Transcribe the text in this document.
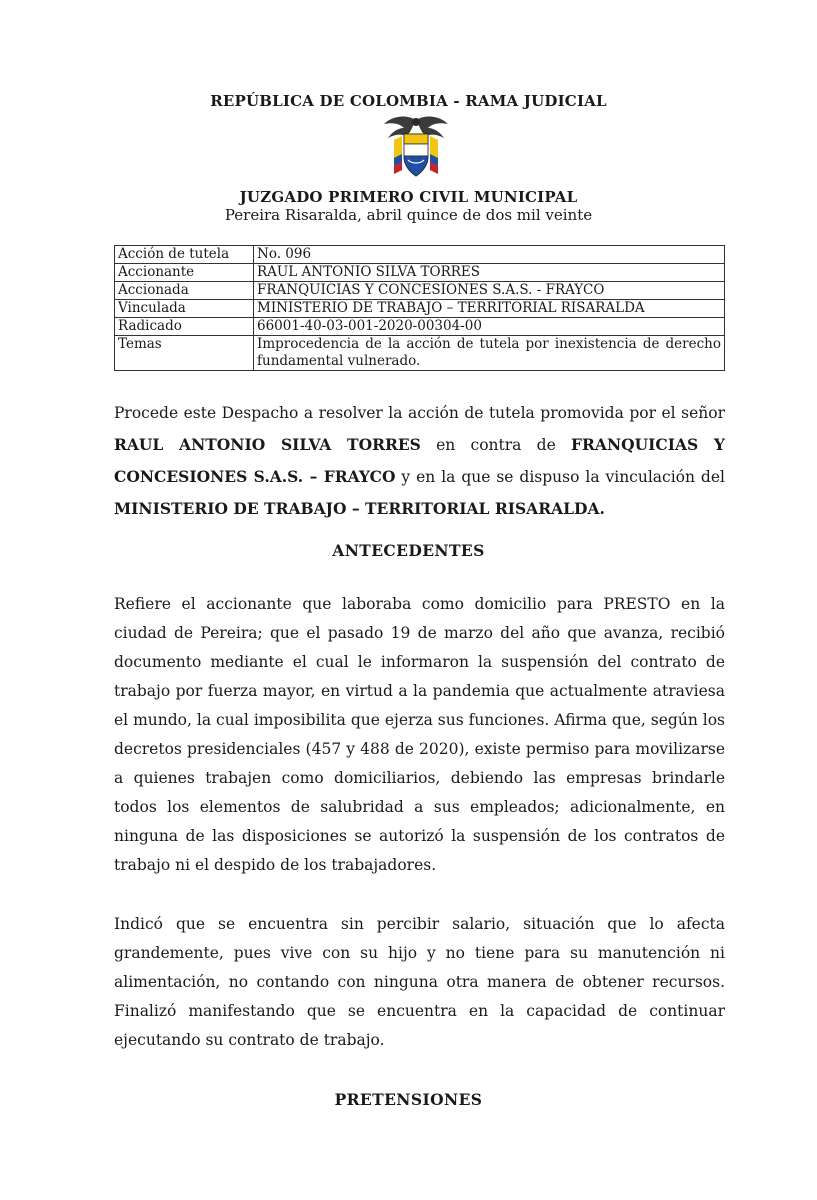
REPÚBLICA DE COLOMBIA - RAMA JUDICIAL
JUZGADO PRIMERO CIVIL MUNICIPAL
Pereira Risaralda, abril quince de dos mil veinte
Acción de tutela	No. 096
Accionante	RAUL ANTONIO SILVA TORRES
Accionada	FRANQUICIAS Y CONCESIONES S.A.S. - FRAYCO
Vinculada	MINISTERIO DE TRABAJO – TERRITORIAL RISARALDA
Radicado	66001-40-03-001-2020-00304-00
Temas	Improcedencia de la acción de tutela por inexistencia de derecho fundamental vulnerado.

Procede este Despacho a resolver la acción de tutela promovida por el señor RAUL ANTONIO SILVA TORRES en contra de FRANQUICIAS Y CONCESIONES S.A.S. – FRAYCO y en la que se dispuso la vinculación del MINISTERIO DE TRABAJO – TERRITORIAL RISARALDA.

ANTECEDENTES

Refiere el accionante que laboraba como domicilio para PRESTO en la ciudad de Pereira; que el pasado 19 de marzo del año que avanza, recibió documento mediante el cual le informaron la suspensión del contrato de trabajo por fuerza mayor, en virtud a la pandemia que actualmente atraviesa el mundo, la cual imposibilita que ejerza sus funciones. Afirma que, según los decretos presidenciales (457 y 488 de 2020), existe permiso para movilizarse a quienes trabajen como domiciliarios, debiendo las empresas brindarle todos los elementos de salubridad a sus empleados; adicionalmente, en ninguna de las disposiciones se autorizó la suspensión de los contratos de trabajo ni el despido de los trabajadores.

Indicó que se encuentra sin percibir salario, situación que lo afecta grandemente, pues vive con su hijo y no tiene para su manutención ni alimentación, no contando con ninguna otra manera de obtener recursos. Finalizó manifestando que se encuentra en la capacidad de continuar ejecutando su contrato de trabajo.

PRETENSIONES
